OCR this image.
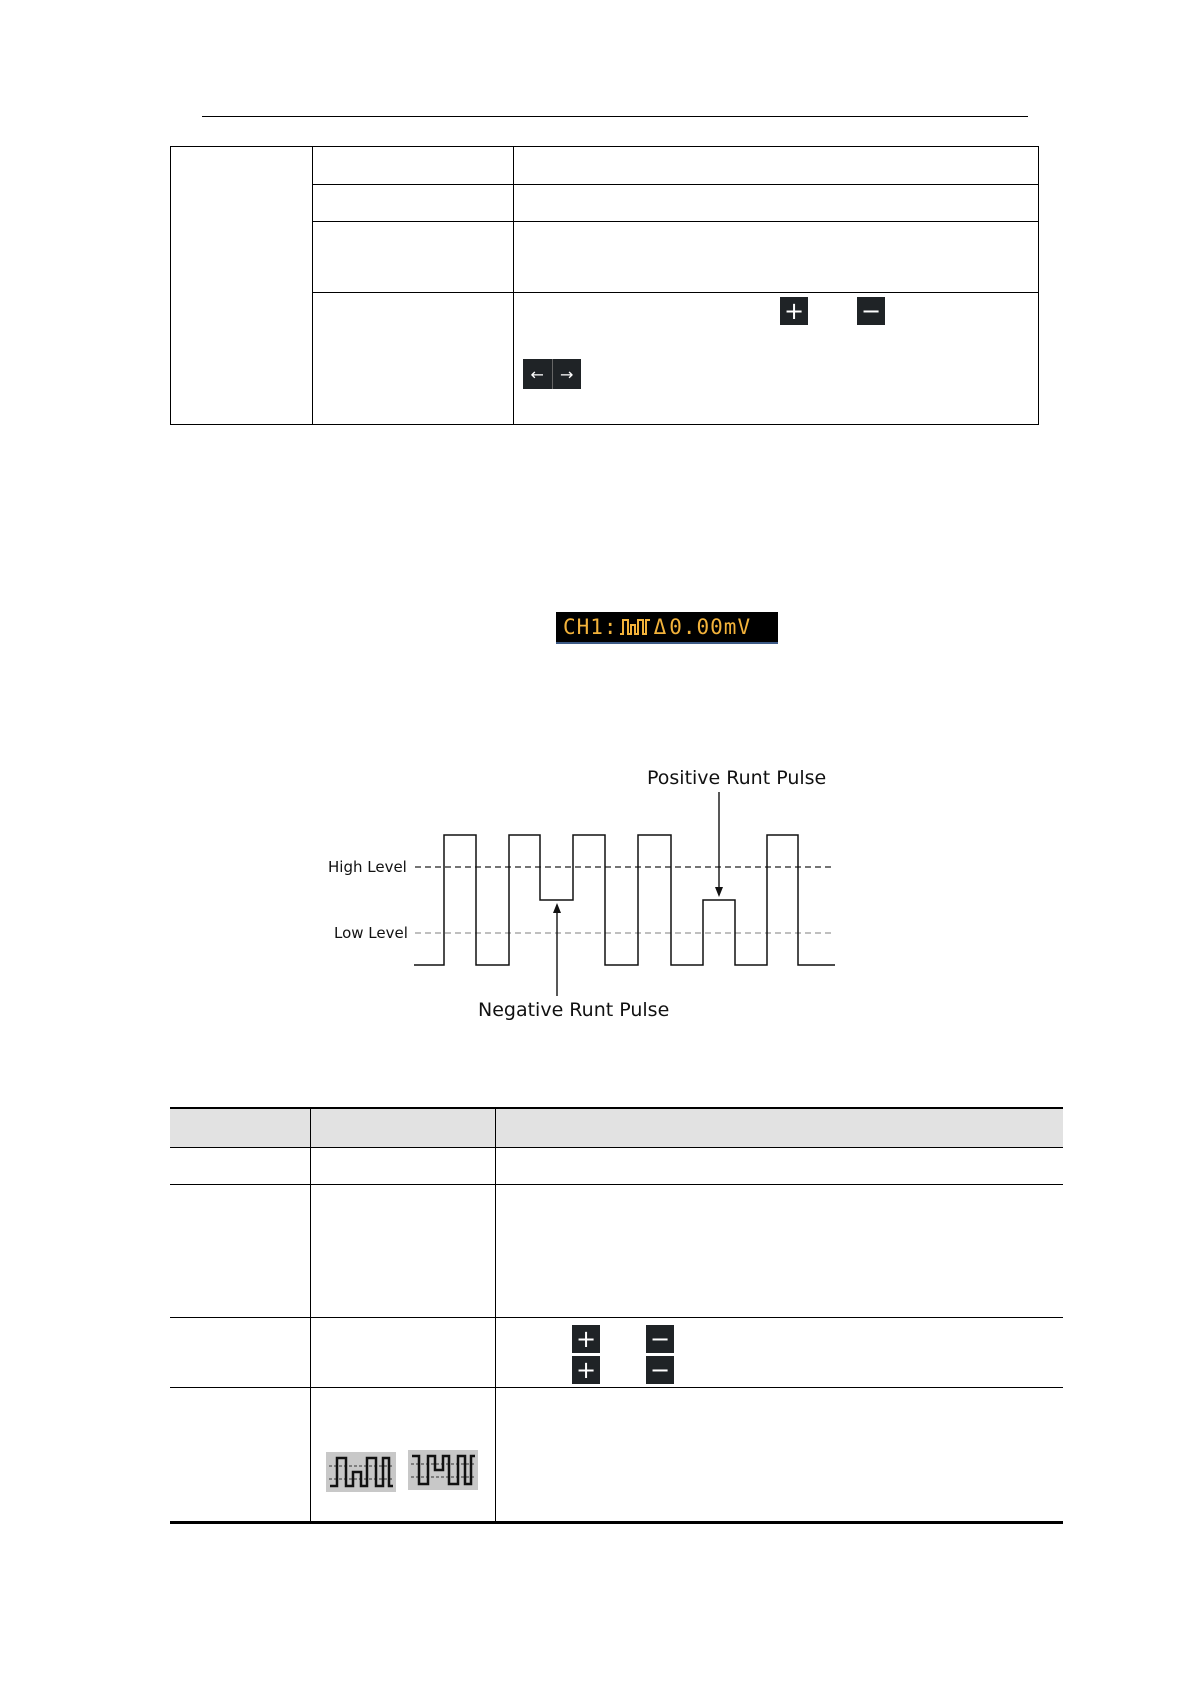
+ −
←	→
CH1: Δ 0.00mV
Positive Runt Pulse
Negative Runt Pulse
High Level
Low Level
+ −
+ −
